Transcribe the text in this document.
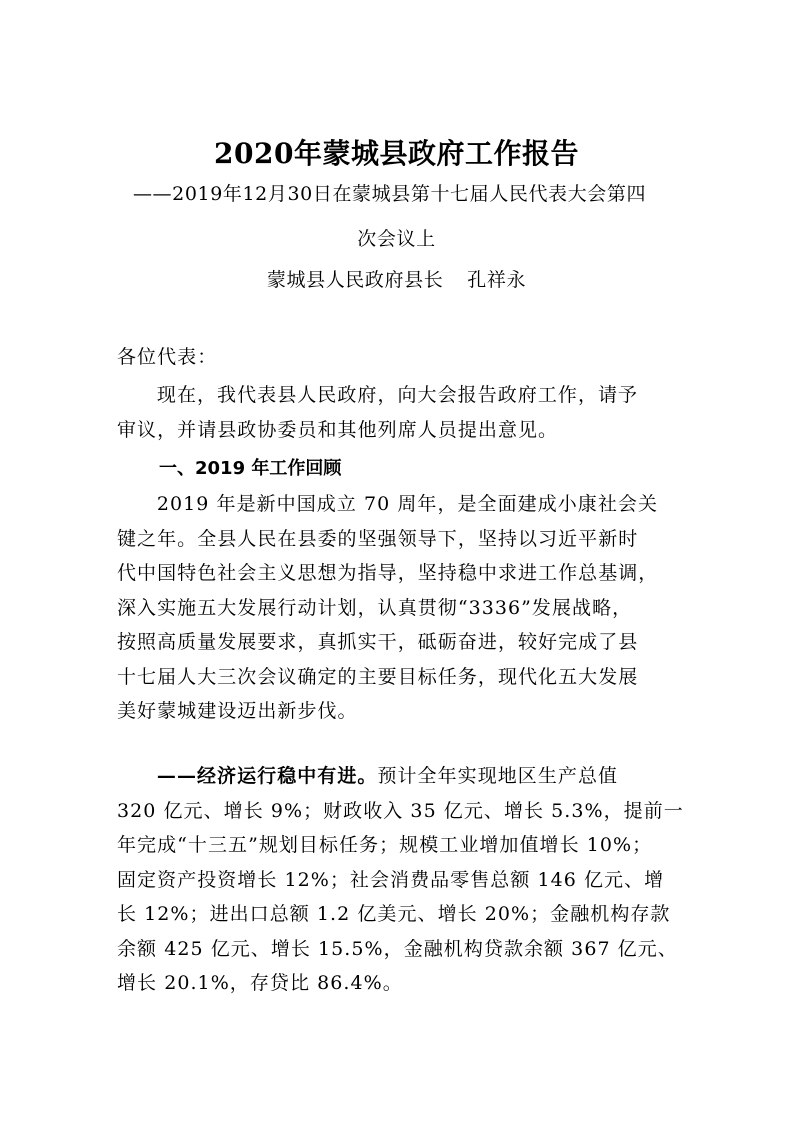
2020年蒙城县政府工作报告
——2019年12月30日在蒙城县第十七届人民代表大会第四
次会议上
蒙城县人民政府县长 孔祥永
各位代表：
现在，我代表县人民政府，向大会报告政府工作，请予
审议，并请县政协委员和其他列席人员提出意见。
一、2019 年工作回顾
2019 年是新中国成立 70 周年，是全面建成小康社会关
键之年。全县人民在县委的坚强领导下，坚持以习近平新时
代中国特色社会主义思想为指导，坚持稳中求进工作总基调，
深入实施五大发展行动计划，认真贯彻“3336”发展战略，
按照高质量发展要求，真抓实干，砥砺奋进，较好完成了县
十七届人大三次会议确定的主要目标任务，现代化五大发展
美好蒙城建设迈出新步伐。
——经济运行稳中有进。预计全年实现地区生产总值
320 亿元、增长 9%；财政收入 35 亿元、增长 5.3%，提前一
年完成“十三五”规划目标任务；规模工业增加值增长 10%；
固定资产投资增长 12%；社会消费品零售总额 146 亿元、增
长 12%；进出口总额 1.2 亿美元、增长 20%；金融机构存款
余额 425 亿元、增长 15.5%，金融机构贷款余额 367 亿元、
增长 20.1%，存贷比 86.4%。
